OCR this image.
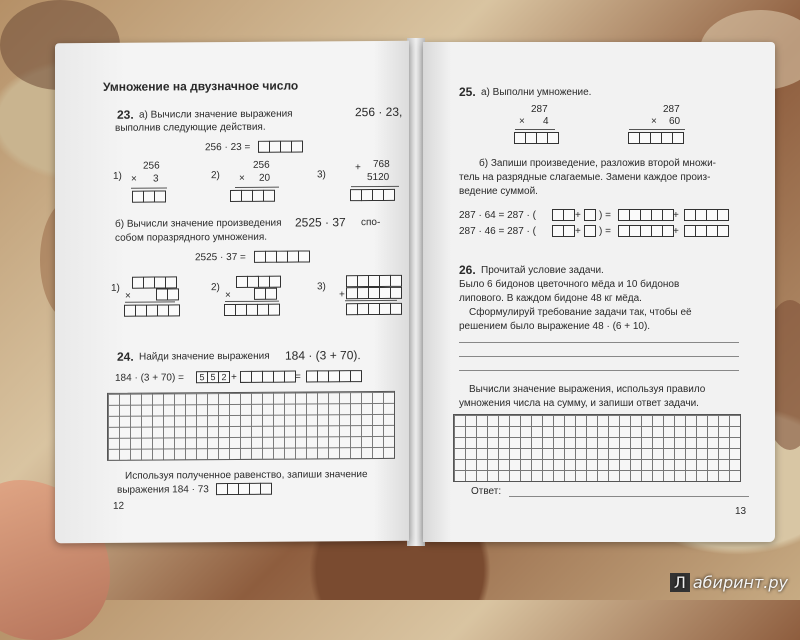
Умножение на двузначное число
23. а) Вычисли значение выражения	256 · 23,
выполнив следующие действия.
256 · 23 =
1)
256
× 3	2)
256
× 20	3)
+ 768
5120
б) Вычисли значение произведения 2525 · 37 спо-
собом поразрядного умножения.
2525 · 37 =
1)
×
2)
×
3)
+
24. Найди значение выражения 184 · (3 + 70).
184 · (3 + 70) =	5 5 2 +	=
Используя полученное равенство, запиши значение
выражения 184 · 73
12
25. а) Выполни умножение.
287
× 4
287
× 60
б) Запиши произведение, разложив второй множи-
тель на разрядные слагаемые. Замени каждое произ-
ведение суммой.
287 · 64 = 287 · (	+ ) =	+
287 · 46 = 287 · (	+ ) =	+
26. Прочитай условие задачи.
Было 6 бидонов цветочного мёда и 10 бидонов
липового. В каждом бидоне 48 кг мёда.
Сформулируй требование задачи так, чтобы её
решением было выражение 48 · (6 + 10).
Вычисли значение выражения, используя правило
умножения числа на сумму, и запиши ответ задачи.
Ответ:
13
Л абиринт.ру
